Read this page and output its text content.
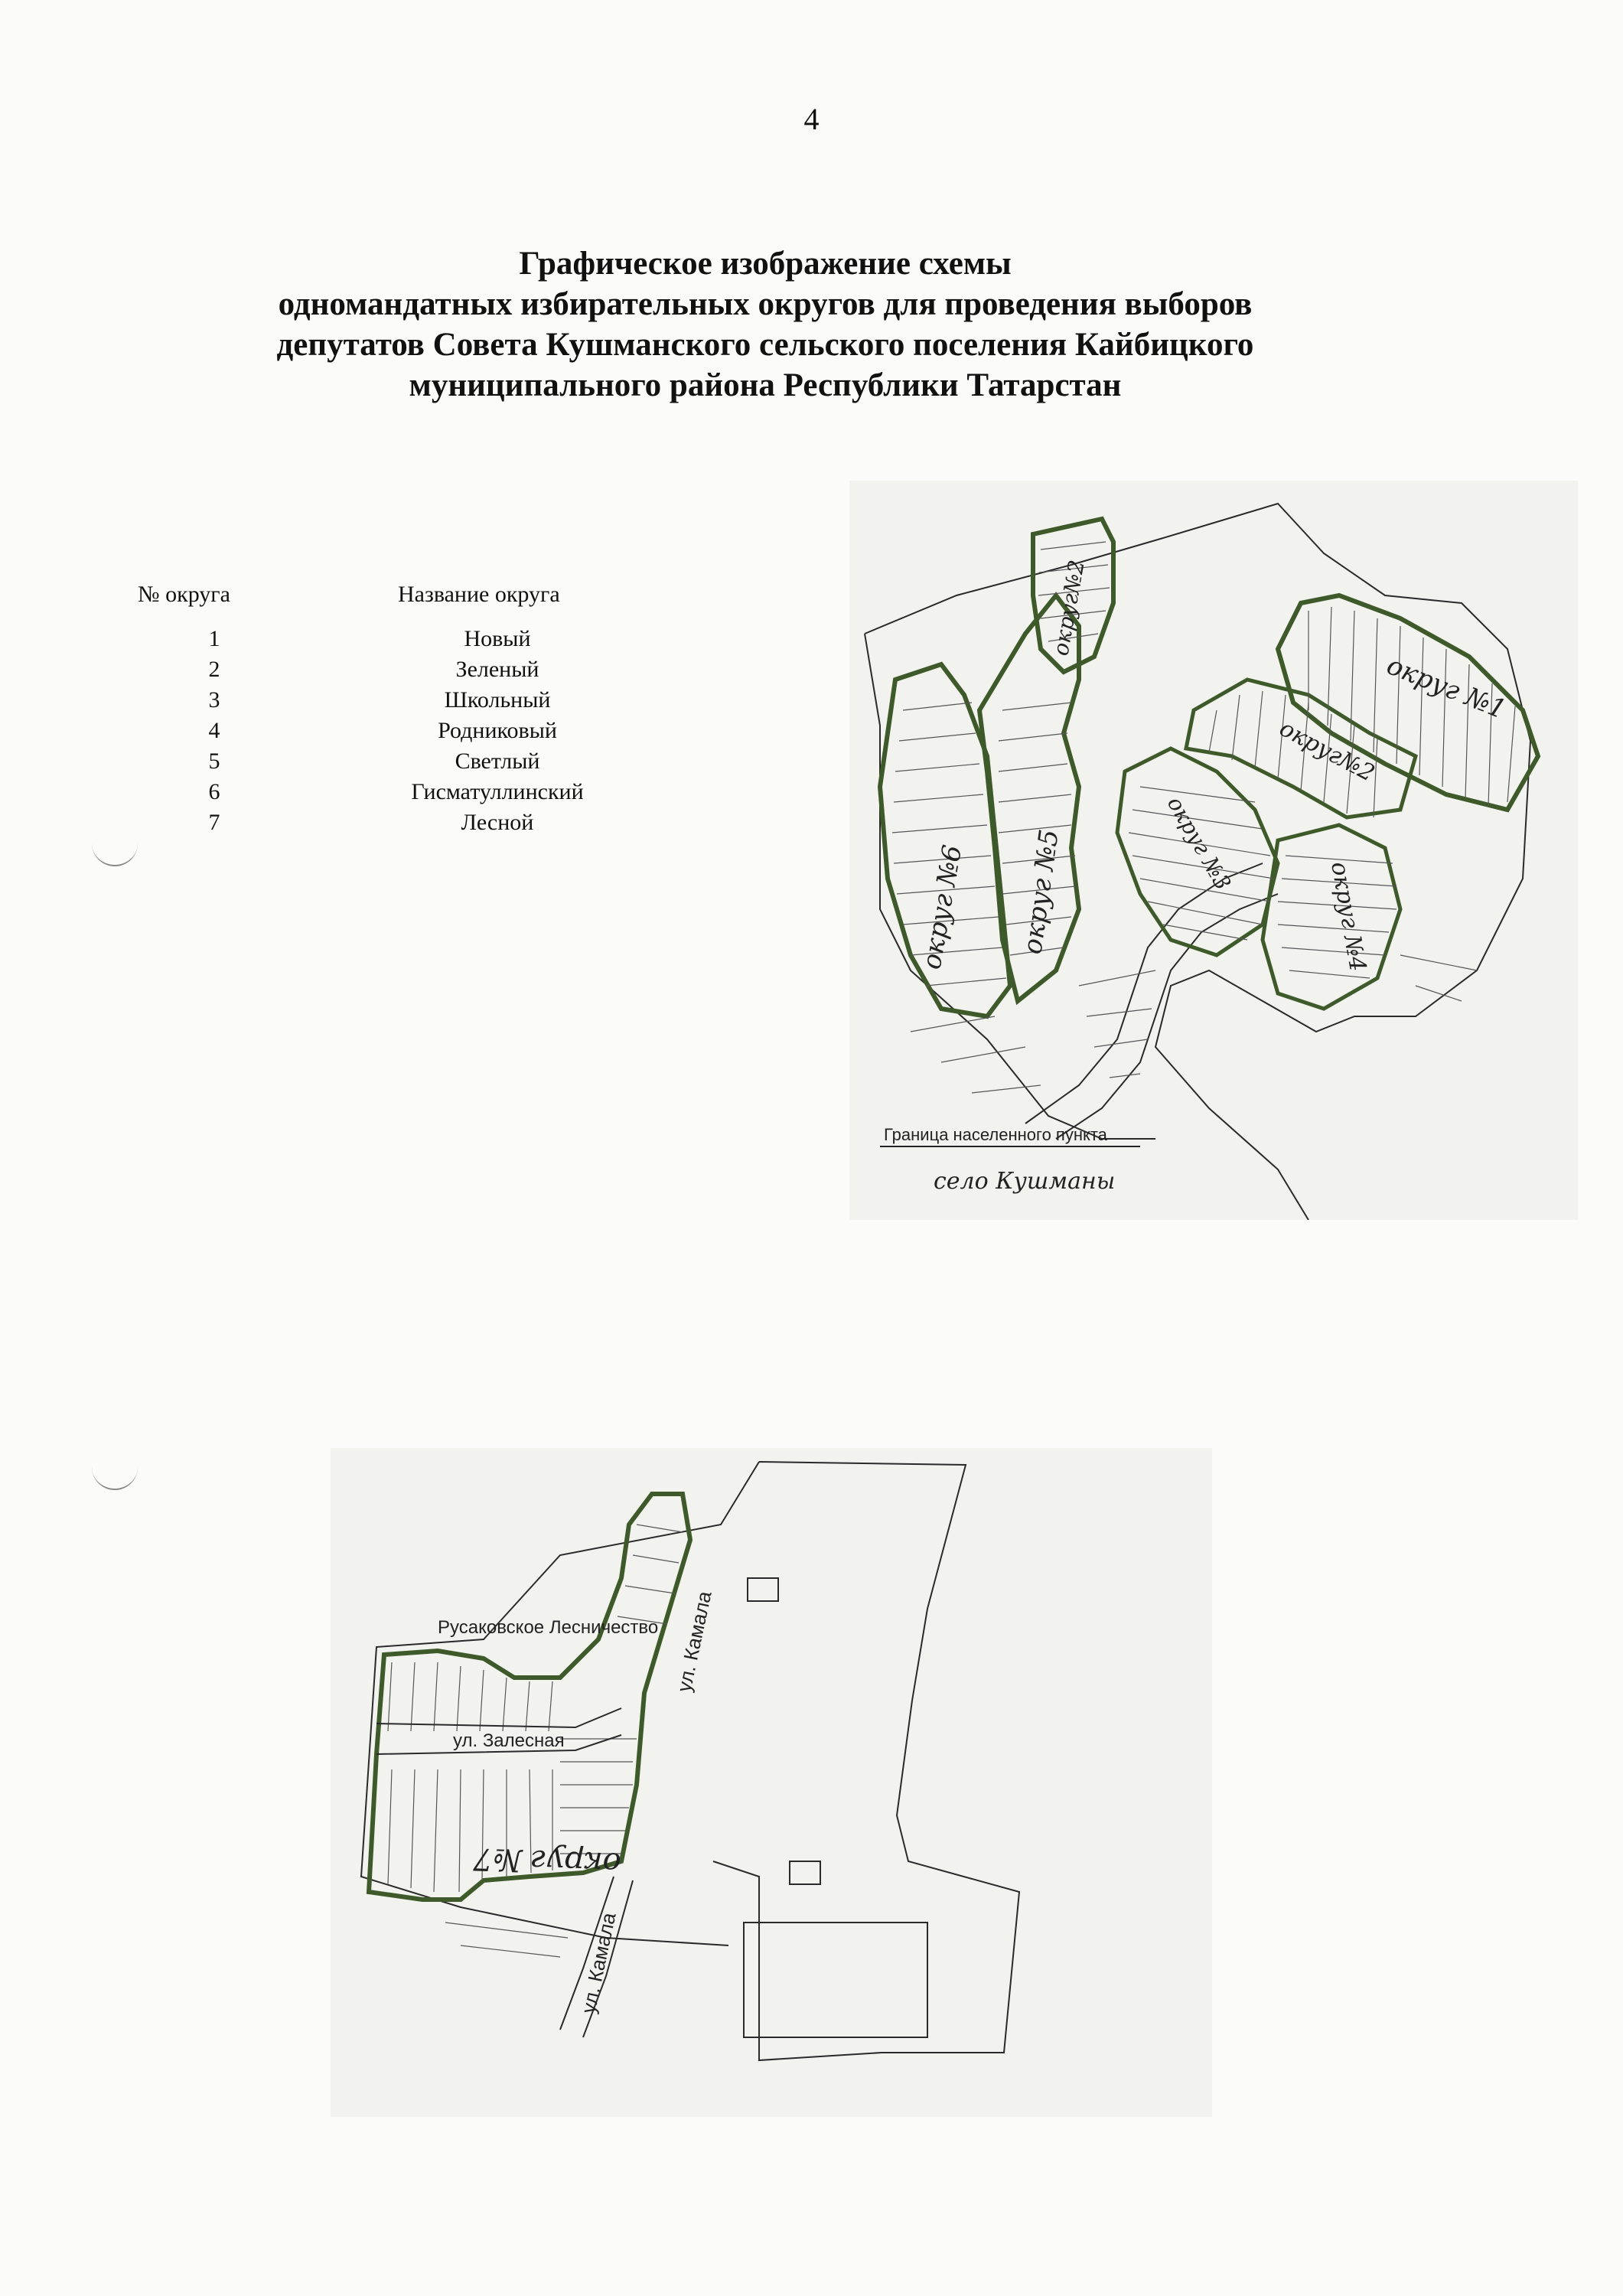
4
Графическое изображение схемы
одномандатных избирательных округов для проведения выборов
депутатов Совета Кушманского сельского поселения Кайбицкого
муниципального района Республики Татарстан
№ округа	Название округа
1	Новый
2	Зеленый
3	Школьный
4	Родниковый
5	Светлый
6	Гисматуллинский
7	Лесной
округ №6 округ №5
округ№2
округ №1
округ№2
округ №3
округ №4
Граница населенного пункта
село Кушманы
Русаковское Лесничество ул. Камала
ул. Залесная
ул. Камала
округ №7
